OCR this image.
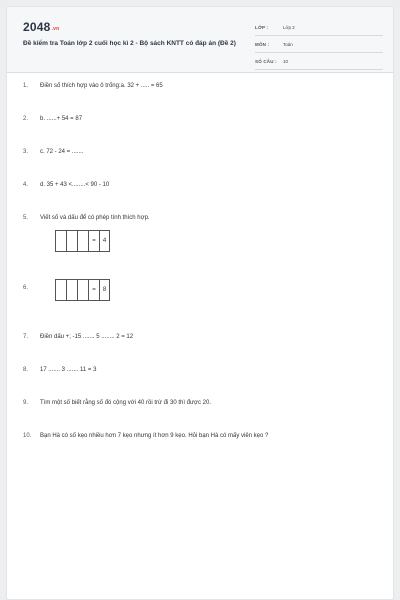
2048.vn
Đề kiểm tra Toán lớp 2 cuối học kì 2 - Bộ sách KNTT có đáp án (Đề 2)
LỚP :	Lớp 2
MÔN :	Toán
SỐ CÂU :	10
1.	Điền số thích hợp vào ô trống:a. 32 + ..... = 65
2.	b. ......+ 54 = 87
3.	c. 72 - 24 = .......
4.	d. 35 + 43 <........< 90 - 10
5.	Viết số và dấu để có phép tính thích hợp.
=	4
6.	=	8
7.	Điền dấu +; -15 ....... 5 ........ 2 = 12
8.	17 ....... 3 ....... 11 = 3
9.	Tìm một số biết rằng số đó cộng với 40 rồi trừ đi 30 thì được 20.
10.	Bạn Hà có số kẹo nhiều hơn 7 kẹo nhưng ít hơn 9 kẹo. Hỏi bạn Hà có mấy viên kẹo ?
